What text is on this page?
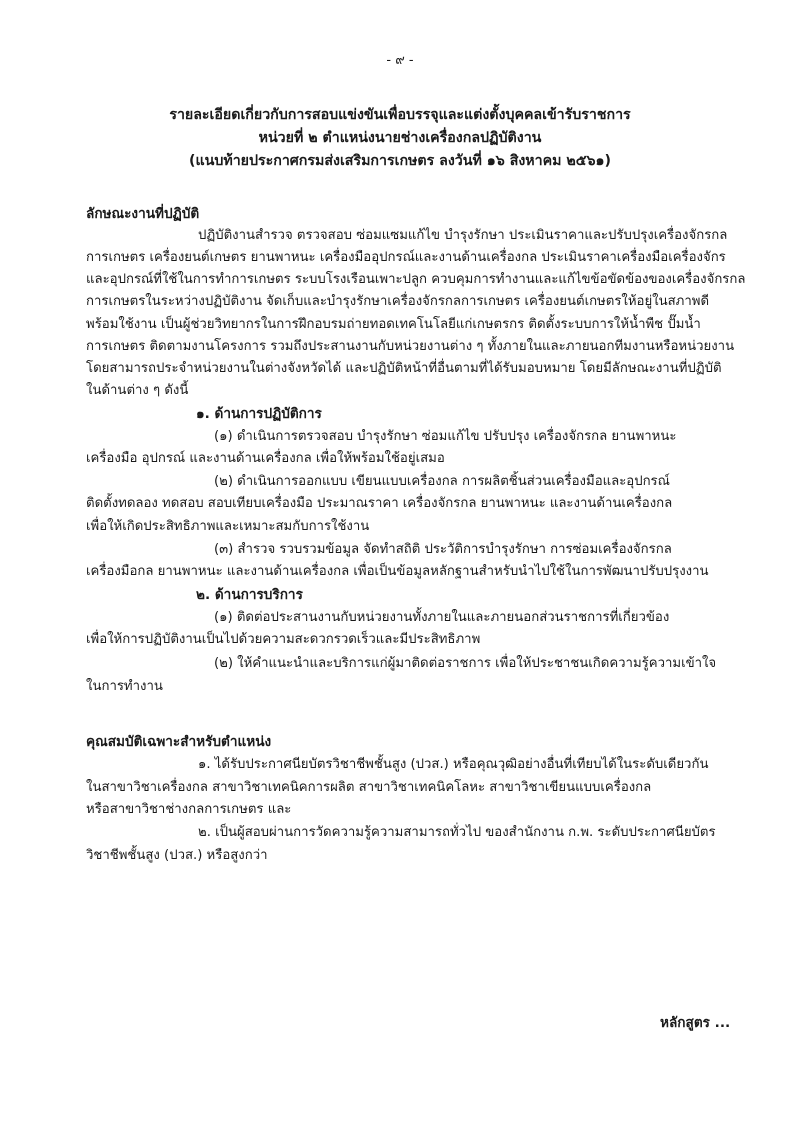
- ๙ -
รายละเอียดเกี่ยวกับการสอบแข่งขันเพื่อบรรจุและแต่งตั้งบุคคลเข้ารับราชการ
หน่วยที่ ๒ ตำแหน่งนายช่างเครื่องกลปฏิบัติงาน
(แนบท้ายประกาศกรมส่งเสริมการเกษตร ลงวันที่ ๑๖ สิงหาคม ๒๕๖๑)
ลักษณะงานที่ปฏิบัติ
ปฏิบัติงานสำรวจ ตรวจสอบ ซ่อมแซมแก้ไข บำรุงรักษา ประเมินราคาและปรับปรุงเครื่องจักรกล
การเกษตร เครื่องยนต์เกษตร ยานพาหนะ เครื่องมืออุปกรณ์และงานด้านเครื่องกล ประเมินราคาเครื่องมือเครื่องจักร
และอุปกรณ์ที่ใช้ในการทำการเกษตร ระบบโรงเรือนเพาะปลูก ควบคุมการทำงานและแก้ไขข้อขัดข้องของเครื่องจักรกล
การเกษตรในระหว่างปฏิบัติงาน จัดเก็บและบำรุงรักษาเครื่องจักรกลการเกษตร เครื่องยนต์เกษตรให้อยู่ในสภาพดี
พร้อมใช้งาน เป็นผู้ช่วยวิทยากรในการฝึกอบรมถ่ายทอดเทคโนโลยีแก่เกษตรกร ติดตั้งระบบการให้น้ำพืช ปั๊มน้ำ
การเกษตร ติดตามงานโครงการ รวมถึงประสานงานกับหน่วยงานต่าง ๆ ทั้งภายในและภายนอกทีมงานหรือหน่วยงาน
โดยสามารถประจำหน่วยงานในต่างจังหวัดได้ และปฏิบัติหน้าที่อื่นตามที่ได้รับมอบหมาย โดยมีลักษณะงานที่ปฏิบัติ
ในด้านต่าง ๆ ดังนี้
๑. ด้านการปฏิบัติการ
(๑) ดำเนินการตรวจสอบ บำรุงรักษา ซ่อมแก้ไข ปรับปรุง เครื่องจักรกล ยานพาหนะ
เครื่องมือ อุปกรณ์ และงานด้านเครื่องกล เพื่อให้พร้อมใช้อยู่เสมอ
(๒) ดำเนินการออกแบบ เขียนแบบเครื่องกล การผลิตชิ้นส่วนเครื่องมือและอุปกรณ์
ติดตั้งทดลอง ทดสอบ สอบเทียบเครื่องมือ ประมาณราคา เครื่องจักรกล ยานพาหนะ และงานด้านเครื่องกล
เพื่อให้เกิดประสิทธิภาพและเหมาะสมกับการใช้งาน
(๓) สำรวจ รวบรวมข้อมูล จัดทำสถิติ ประวัติการบำรุงรักษา การซ่อมเครื่องจักรกล
เครื่องมือกล ยานพาหนะ และงานด้านเครื่องกล เพื่อเป็นข้อมูลหลักฐานสำหรับนำไปใช้ในการพัฒนาปรับปรุงงาน
๒. ด้านการบริการ
(๑) ติดต่อประสานงานกับหน่วยงานทั้งภายในและภายนอกส่วนราชการที่เกี่ยวข้อง
เพื่อให้การปฏิบัติงานเป็นไปด้วยความสะดวกรวดเร็วและมีประสิทธิภาพ
(๒) ให้คำแนะนำและบริการแก่ผู้มาติดต่อราชการ เพื่อให้ประชาชนเกิดความรู้ความเข้าใจ
ในการทำงาน
คุณสมบัติเฉพาะสำหรับตำแหน่ง
๑. ได้รับประกาศนียบัตรวิชาชีพชั้นสูง (ปวส.) หรือคุณวุฒิอย่างอื่นที่เทียบได้ในระดับเดียวกัน
ในสาขาวิชาเครื่องกล สาขาวิชาเทคนิคการผลิต สาขาวิชาเทคนิคโลหะ สาขาวิชาเขียนแบบเครื่องกล
หรือสาขาวิชาช่างกลการเกษตร และ
๒. เป็นผู้สอบผ่านการวัดความรู้ความสามารถทั่วไป ของสำนักงาน ก.พ. ระดับประกาศนียบัตร
วิชาชีพชั้นสูง (ปวส.) หรือสูงกว่า
หลักสูตร ...
